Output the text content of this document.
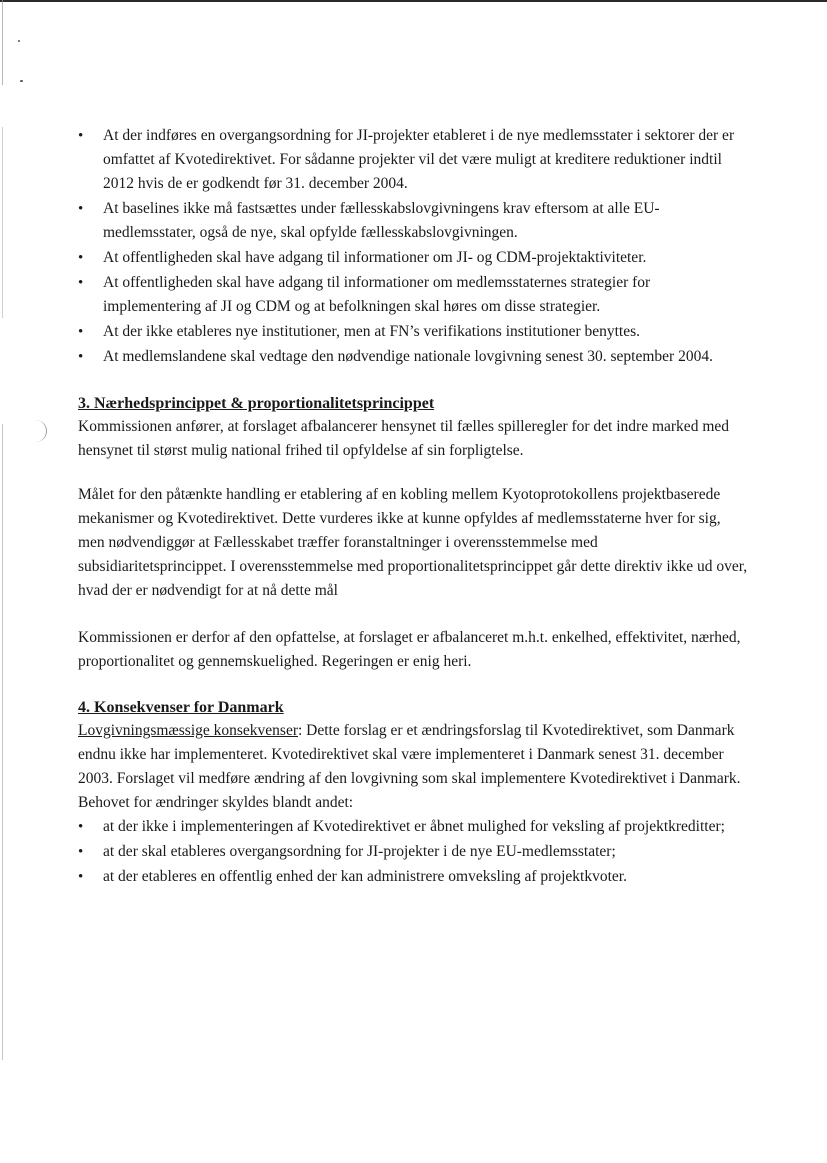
•	At der indføres en overgangsordning for JI-projekter etableret i de nye medlemsstater i sektorer der er omfattet af Kvotedirektivet. For sådanne projekter vil det være muligt at kreditere reduktioner indtil 2012 hvis de er godkendt før 31. december 2004.
•	At baselines ikke må fastsættes under fællesskabslovgivningens krav eftersom at alle EU-medlemsstater, også de nye, skal opfylde fællesskabslovgivningen.
•	At offentligheden skal have adgang til informationer om JI- og CDM-projektaktiviteter.
•	At offentligheden skal have adgang til informationer om medlemsstaternes strategier for implementering af JI og CDM og at befolkningen skal høres om disse strategier.
•	At der ikke etableres nye institutioner, men at FN’s verifikations institutioner benyttes.
•	At medlemslandene skal vedtage den nødvendige nationale lovgivning senest 30. september 2004.
3. Nærhedsprincippet & proportionalitetsprincippet

Kommissionen anfører, at forslaget afbalancerer hensynet til fælles spilleregler for det indre marked med hensynet til størst mulig national frihed til opfyldelse af sin forpligtelse.

Målet for den påtænkte handling er etablering af en kobling mellem Kyotoprotokollens projektbaserede mekanismer og Kvotedirektivet. Dette vurderes ikke at kunne opfyldes af medlemsstaterne hver for sig, men nødvendiggør at Fællesskabet træffer foranstaltninger i overensstemmelse med subsidiaritetsprincippet. I overensstemmelse med proportionalitetsprincippet går dette direktiv ikke ud over, hvad der er nødvendigt for at nå dette mål

Kommissionen er derfor af den opfattelse, at forslaget er afbalanceret m.h.t. enkelhed, effektivitet, nærhed, proportionalitet og gennemskuelighed. Regeringen er enig heri.

4. Konsekvenser for Danmark

Lovgivningsmæssige konsekvenser: Dette forslag er et ændringsforslag til Kvotedirektivet, som Danmark endnu ikke har implementeret. Kvotedirektivet skal være implementeret i Danmark senest 31. december 2003. Forslaget vil medføre ændring af den lovgivning som skal implementere Kvotedirektivet i Danmark. Behovet for ændringer skyldes blandt andet:

•	at der ikke i implementeringen af Kvotedirektivet er åbnet mulighed for veksling af projektkreditter;
•	at der skal etableres overgangsordning for JI-projekter i de nye EU-medlemsstater;
•	at der etableres en offentlig enhed der kan administrere omveksling af projektkvoter.
